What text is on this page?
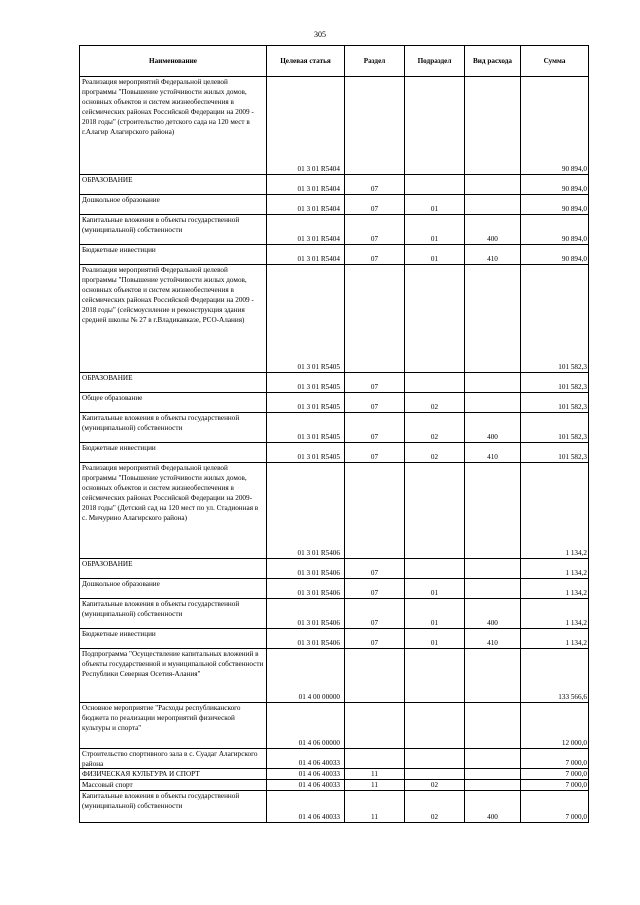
305
Наименование	Целевая статья	Раздел	Подраздел	Вид расхода	Сумма

Реализация мероприятий Федеральной целевой программы "Повышение устойчивости жилых домов, основных объектов и систем жизнеобеспечения в сейсмических районах Российской Федерации на 2009 - 2018 годы" (строительство детского сада на 120 мест в г.Алагир Алагирского района)	01 3 01 R5404				90 894,0

ОБРАЗОВАНИЕ	01 3 01 R5404	07			90 894,0

Дошкольное образование	01 3 01 R5404	07	01		90 894,0

Капитальные вложения в объекты государственной (муниципальной) собственности	01 3 01 R5404	07	01	400	90 894,0

Бюджетные инвестиции	01 3 01 R5404	07	01	410	90 894,0

Реализация мероприятий Федеральной целевой программы "Повышение устойчивости жилых домов, основных объектов и систем жизнеобеспечения в сейсмических районах Российской Федерации на 2009 - 2018 годы" (сейсмоусиление и реконструкция здания средней школы № 27 в г.Владикавказе, РСО-Алания)	01 3 01 R5405				101 582,3

ОБРАЗОВАНИЕ	01 3 01 R5405	07			101 582,3

Общее образование	01 3 01 R5405	07	02		101 582,3

Капитальные вложения в объекты государственной (муниципальной) собственности	01 3 01 R5405	07	02	400	101 582,3

Бюджетные инвестиции	01 3 01 R5405	07	02	410	101 582,3

Реализация мероприятий Федеральной целевой программы "Повышение устойчивости жилых домов, основных объектов и систем жизнеобеспечения в сейсмических районах Российской Федерации на 2009-2018 годы" (Детский сад на 120 мест по ул. Стадионная в с. Мичурино Алагирского района)	01 3 01 R5406				1 134,2

ОБРАЗОВАНИЕ	01 3 01 R5406	07			1 134,2

Дошкольное образование	01 3 01 R5406	07	01		1 134,2

Капитальные вложения в объекты государственной (муниципальной) собственности	01 3 01 R5406	07	01	400	1 134,2

Бюджетные инвестиции	01 3 01 R5406	07	01	410	1 134,2

Подпрограмма "Осуществление капитальных вложений в объекты государственной и муниципальной собственности Республики Северная Осетия-Алания"	01 4 00 00000				133 566,6

Основное мероприятие "Расходы республиканского бюджета по реализации мероприятий физической культуры и спорта"	01 4 06 00000				12 000,0

Строительство спортивного зала в с. Суадаг Алагирского района	01 4 06 40033				7 000,0

ФИЗИЧЕСКАЯ КУЛЬТУРА И СПОРТ	01 4 06 40033	11			7 000,0

Массовый спорт	01 4 06 40033	11	02		7 000,0

Капитальные вложения в объекты государственной (муниципальной) собственности	01 4 06 40033	11	02	400	7 000,0
